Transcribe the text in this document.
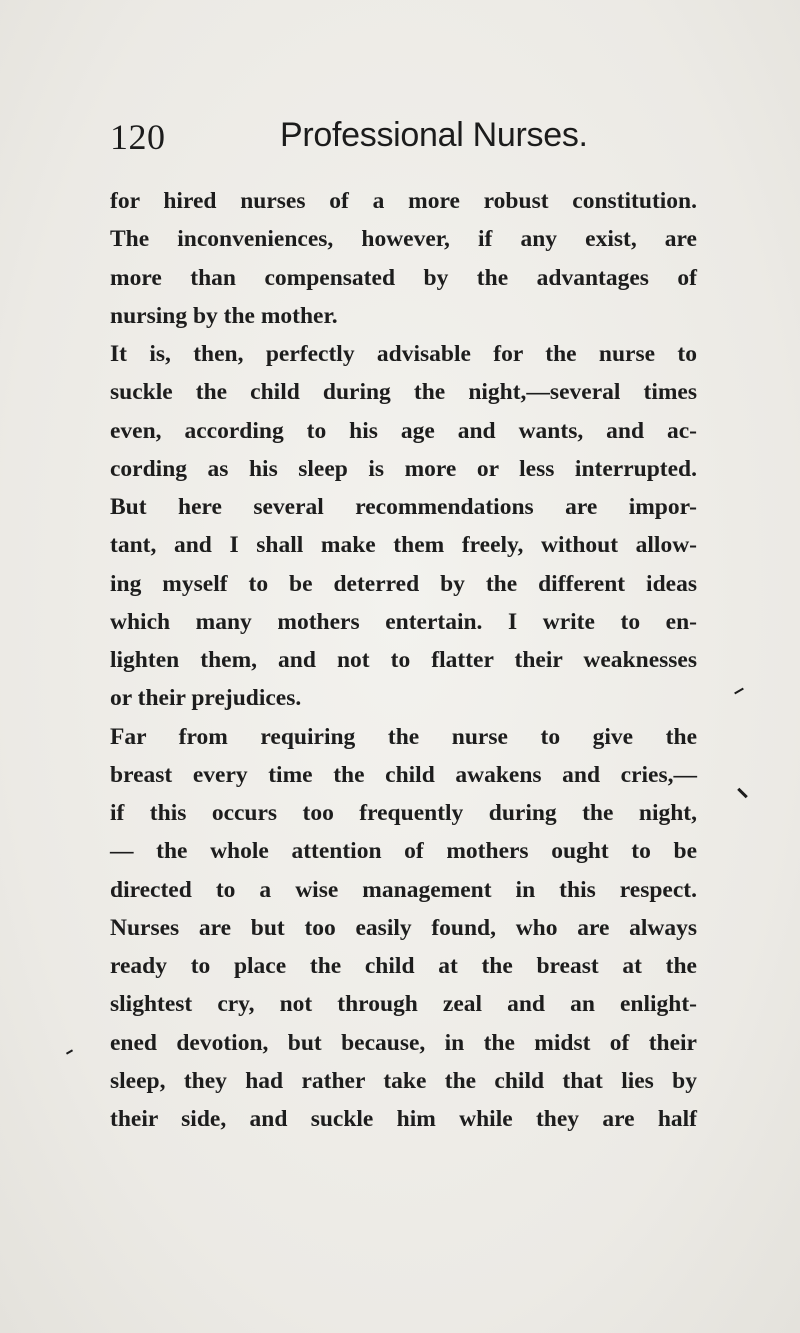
120	Professional Nurses.
for hired nurses of a more robust constitution.
The inconveniences, however, if any exist, are
more than compensated by the advantages of
nursing by the mother.
It is, then, perfectly advisable for the nurse to
suckle the child during the night,—several times
even, according to his age and wants, and ac-
cording as his sleep is more or less interrupted.
But here several recommendations are impor-
tant, and I shall make them freely, without allow-
ing myself to be deterred by the different ideas
which many mothers entertain. I write to en-
lighten them, and not to flatter their weaknesses
or their prejudices.
Far from requiring the nurse to give the
breast every time the child awakens and cries,—
if this occurs too frequently during the night,
— the whole attention of mothers ought to be
directed to a wise management in this respect.
Nurses are but too easily found, who are always
ready to place the child at the breast at the
slightest cry, not through zeal and an enlight-
ened devotion, but because, in the midst of their
sleep, they had rather take the child that lies by
their side, and suckle him while they are half
